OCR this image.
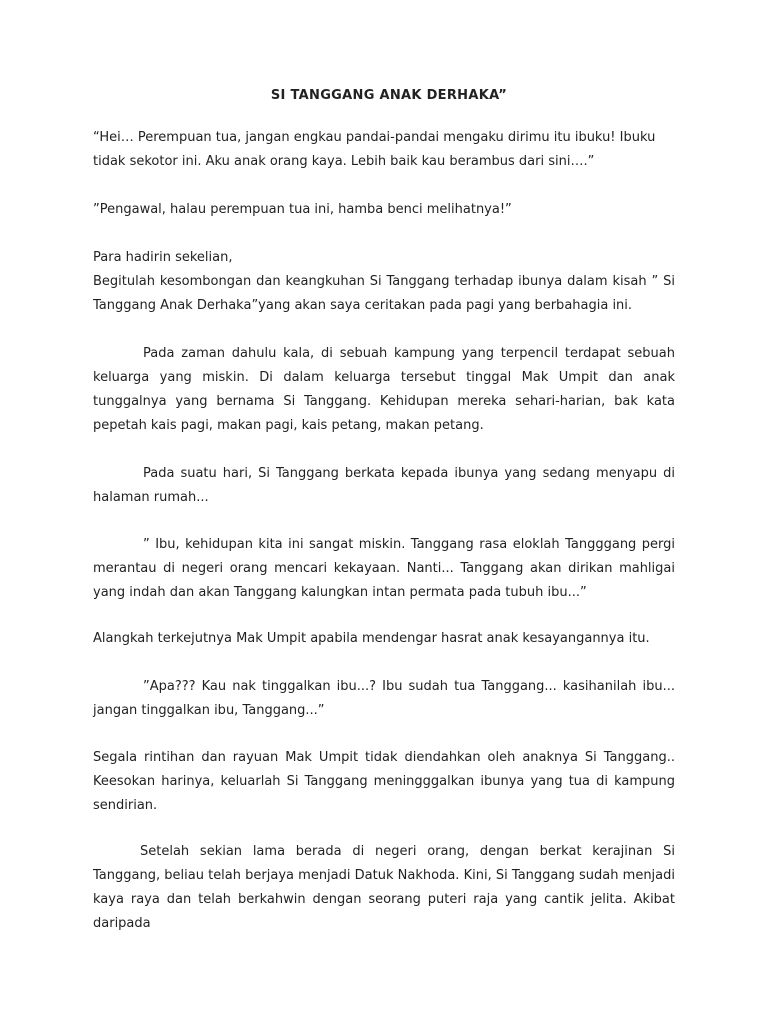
SI TANGGANG ANAK DERHAKA”

“Hei… Perempuan tua, jangan engkau pandai-pandai mengaku dirimu itu ibuku! Ibuku tidak sekotor ini. Aku anak orang kaya. Lebih baik kau berambus dari sini….”

”Pengawal, halau perempuan tua ini, hamba benci melihatnya!”

Para hadirin sekelian,

Begitulah kesombongan dan keangkuhan Si Tanggang terhadap ibunya dalam kisah ” Si Tanggang Anak Derhaka”yang akan saya ceritakan pada pagi yang berbahagia ini.

Pada zaman dahulu kala, di sebuah kampung yang terpencil terdapat sebuah keluarga yang miskin. Di dalam keluarga tersebut tinggal Mak Umpit dan anak tunggalnya yang bernama Si Tanggang. Kehidupan mereka sehari-harian, bak kata pepetah kais pagi, makan pagi, kais petang, makan petang.

Pada suatu hari, Si Tanggang berkata kepada ibunya yang sedang menyapu di halaman rumah...

” Ibu, kehidupan kita ini sangat miskin. Tanggang rasa eloklah Tangggang pergi merantau di negeri orang mencari kekayaan. Nanti... Tanggang akan dirikan mahligai yang indah dan akan Tanggang kalungkan intan permata pada tubuh ibu...”

Alangkah terkejutnya Mak Umpit apabila mendengar hasrat anak kesayangannya itu.

”Apa??? Kau nak tinggalkan ibu...? Ibu sudah tua Tanggang... kasihanilah ibu... jangan tinggalkan ibu, Tanggang...”

Segala rintihan dan rayuan Mak Umpit tidak diendahkan oleh anaknya Si Tanggang.. Keesokan harinya, keluarlah Si Tanggang meningggalkan ibunya yang tua di kampung sendirian.

Setelah sekian lama berada di negeri orang, dengan berkat kerajinan Si Tanggang, beliau telah berjaya menjadi Datuk Nakhoda. Kini, Si Tanggang sudah menjadi kaya raya dan telah berkahwin dengan seorang puteri raja yang cantik jelita. Akibat daripada
